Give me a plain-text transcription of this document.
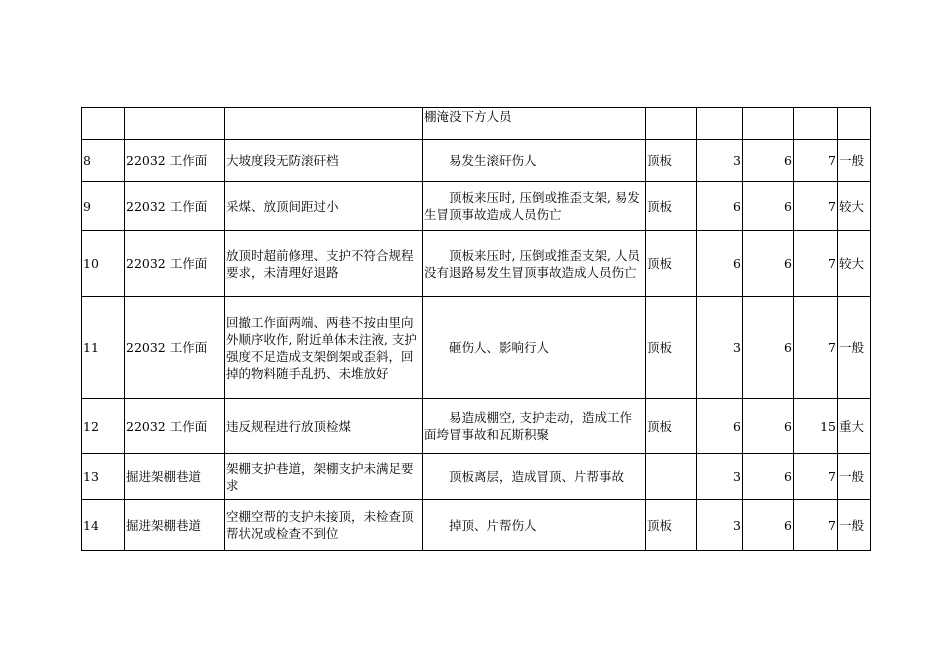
			棚淹没下方人员					
8	22032 工作面	大坡度段无防滚矸档	易发生滚矸伤人	顶板	3	6	7	一般
9	22032 工作面	采煤、放顶间距过小	顶板来压时, 压倒或推歪支架, 易发生冒顶事故造成人员伤亡	顶板	6	6	7	较大
10	22032 工作面	放顶时超前修理、支护不符合规程要求，未清理好退路	顶板来压时, 压倒或推歪支架, 人员没有退路易发生冒顶事故造成人员伤亡	顶板	6	6	7	较大
11	22032 工作面	回撤工作面两端、两巷不按由里向外顺序收作, 附近单体未注液, 支护强度不足造成支架倒架或歪斜，回掉的物料随手乱扔、未堆放好	砸伤人、影响行人	顶板	3	6	7	一般
12	22032 工作面	违反规程进行放顶检煤	易造成棚空, 支护走动，造成工作面垮冒事故和瓦斯积聚	顶板	6	6	15	重大
13	掘进架棚巷道	架棚支护巷道，架棚支护未满足要求	顶板离层，造成冒顶、片帮事故		3	6	7	一般
14	掘进架棚巷道	空棚空帮的支护未接顶，未检查顶帮状况或检查不到位	掉顶、片帮伤人	顶板	3	6	7	一般
